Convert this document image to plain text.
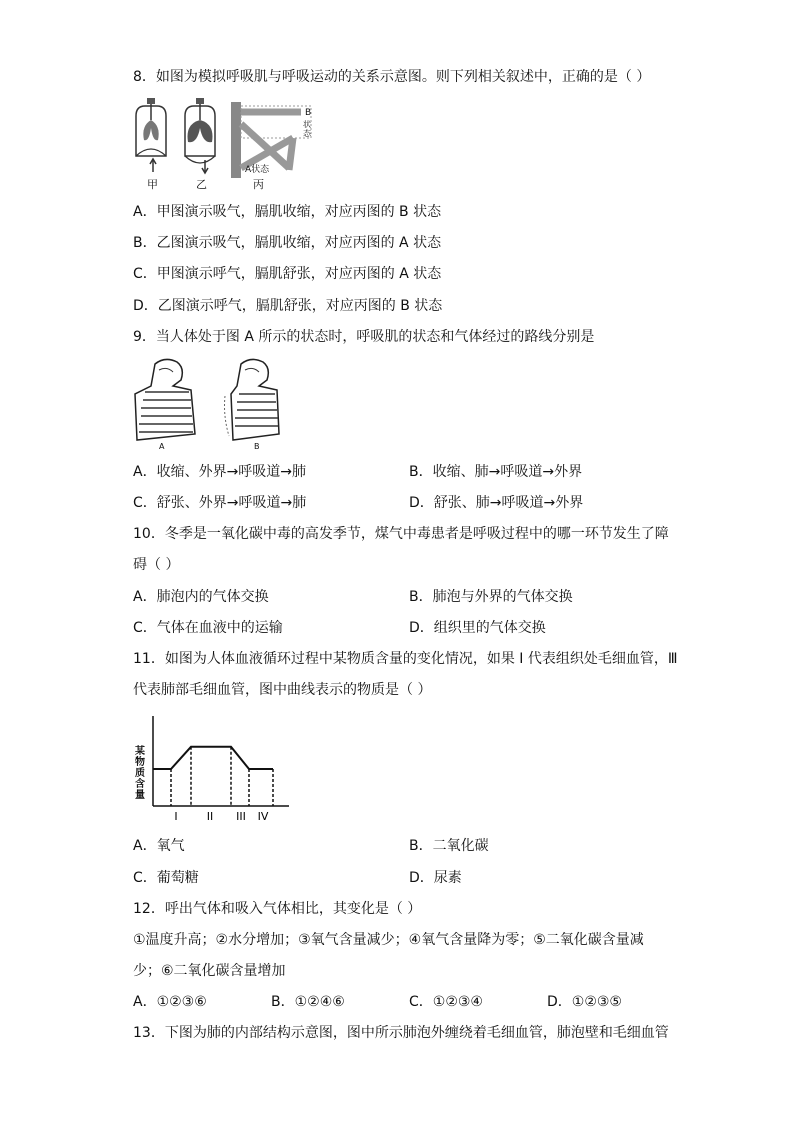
8．如图为模拟呼吸肌与呼吸运动的关系示意图。则下列相关叙述中，正确的是（ ）
甲	乙	丙
A状态
B
状态
A．甲图演示吸气，膈肌收缩，对应丙图的 B 状态
B．乙图演示吸气，膈肌收缩，对应丙图的 A 状态
C．甲图演示呼气，膈肌舒张，对应丙图的 A 状态
D．乙图演示呼气，膈肌舒张，对应丙图的 B 状态
9．当人体处于图 A 所示的状态时，呼吸肌的状态和气体经过的路线分别是
A	B
A．收缩、外界→呼吸道→肺	B．收缩、肺→呼吸道→外界
C．舒张、外界→呼吸道→肺	D．舒张、肺→呼吸道→外界
10．冬季是一氧化碳中毒的高发季节，煤气中毒患者是呼吸过程中的哪一环节发生了障
碍（ ）
A．肺泡内的气体交换	B．肺泡与外界的气体交换
C．气体在血液中的运输	D．组织里的气体交换
11．如图为人体血液循环过程中某物质含量的变化情况，如果 I 代表组织处毛细血管，Ⅲ
代表肺部毛细血管，图中曲线表示的物质是（ ）
I	II III IV
某物质含量
A．氧气	B．二氧化碳
C．葡萄糖	D．尿素
12．呼出气体和吸入气体相比，其变化是（ ）
①温度升高；②水分增加；③氧气含量减少；④氧气含量降为零；⑤二氧化碳含量减
少；⑥二氧化碳含量增加
A．①②③⑥	B．①②④⑥	C．①②③④	D．①②③⑤
13．下图为肺的内部结构示意图，图中所示肺泡外缠绕着毛细血管，肺泡壁和毛细血管
